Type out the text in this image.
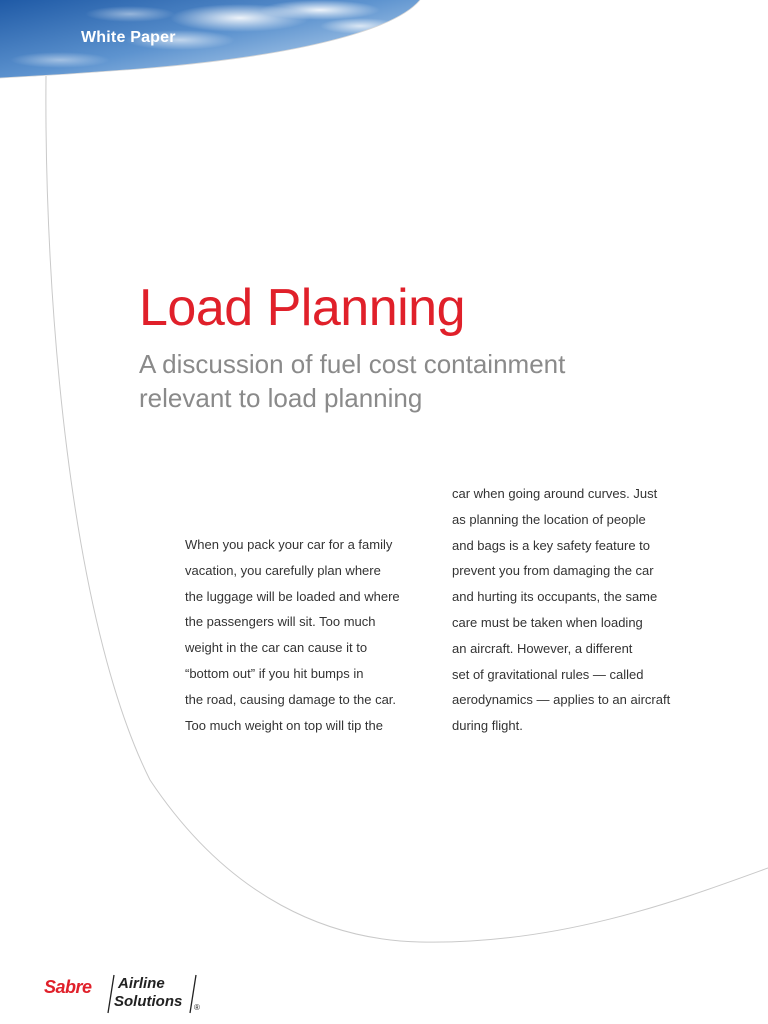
White Paper
Load Planning
A discussion of fuel cost containment
relevant to load planning
When you pack your car for a family
vacation, you carefully plan where
the luggage will be loaded and where
the passengers will sit. Too much
weight in the car can cause it to
“bottom out” if you hit bumps in
the road, causing damage to the car.
Too much weight on top will tip the
car when going around curves. Just
as planning the location of people
and bags is a key safety feature to
prevent you from damaging the car
and hurting its occupants, the same
care must be taken when loading
an aircraft. However, a different
set of gravitational rules — called
aerodynamics — applies to an aircraft
during flight.
Sabre Airline
Solutions ®
